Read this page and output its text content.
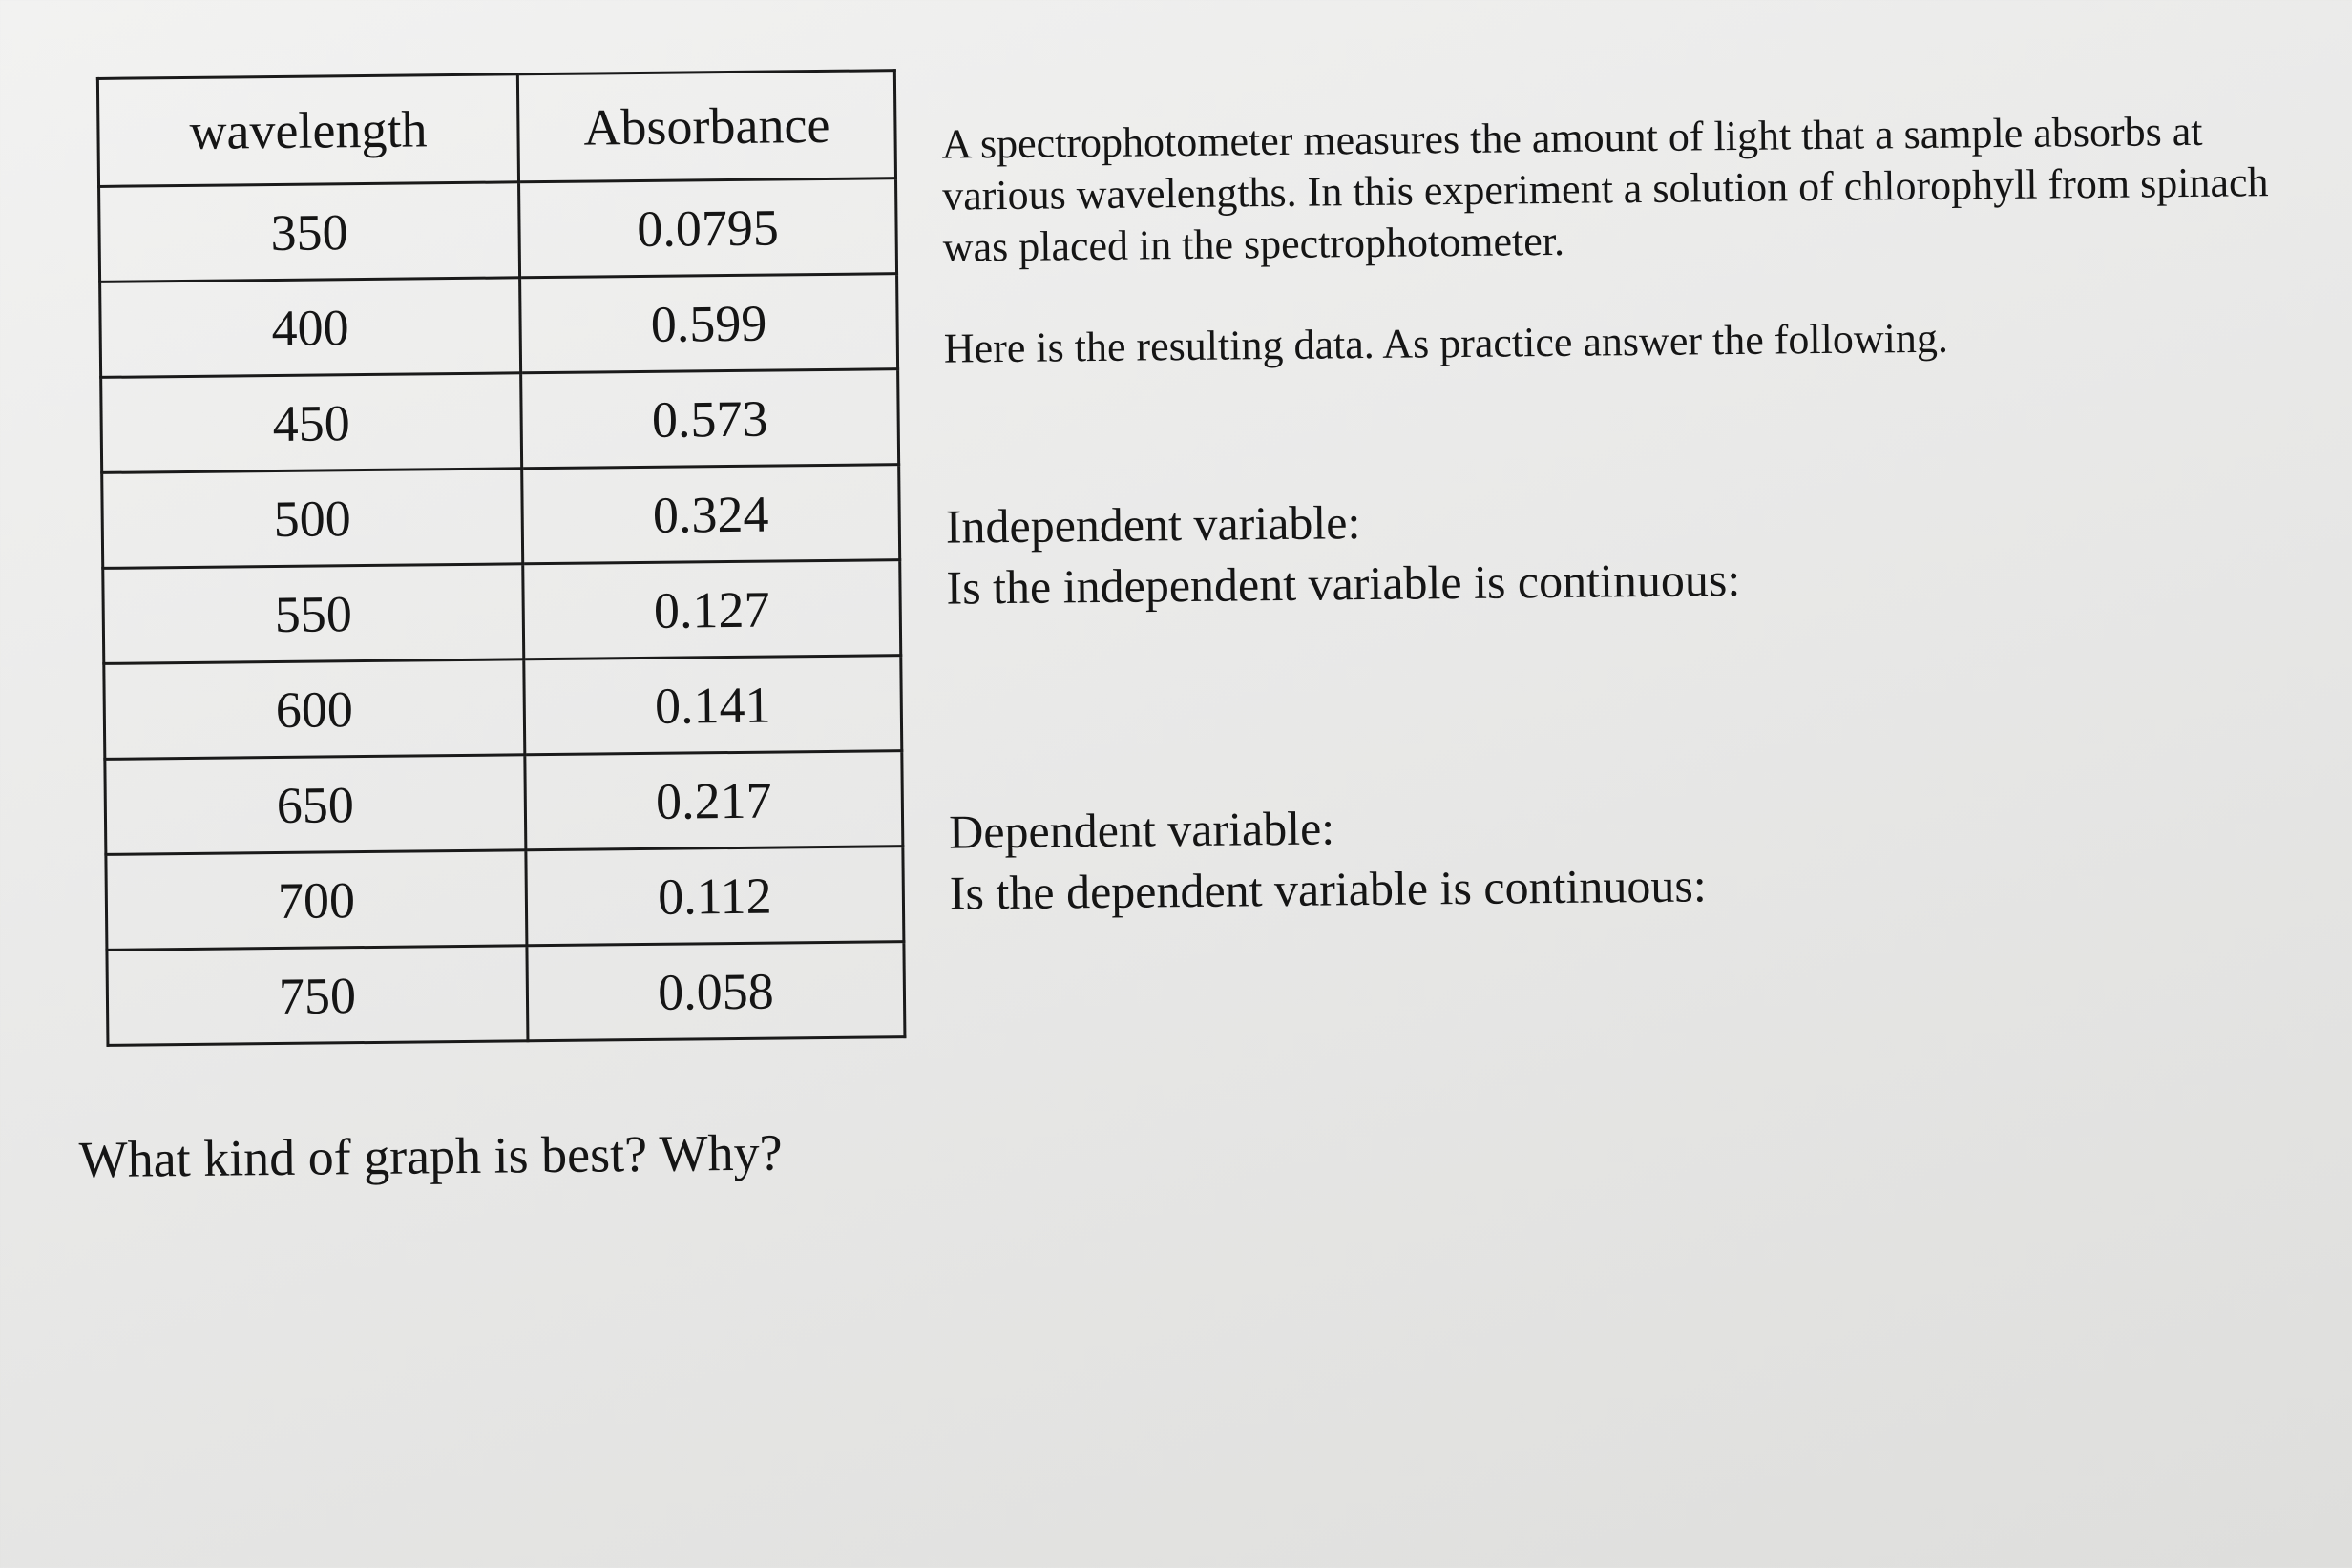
wavelength	Absorbance
350	0.0795
400	0.599
450	0.573
500	0.324
550	0.127
600	0.141
650	0.217
700	0.112
750	0.058

A spectrophotometer measures the amount of light that a sample absorbs at various wavelengths. In this experiment a solution of chlorophyll from spinach was placed in the spectrophotometer.

Here is the resulting data. As practice answer the following.

Independent variable:

Is the independent variable is continuous:

Dependent variable:

Is the dependent variable is continuous:

What kind of graph is best? Why?
